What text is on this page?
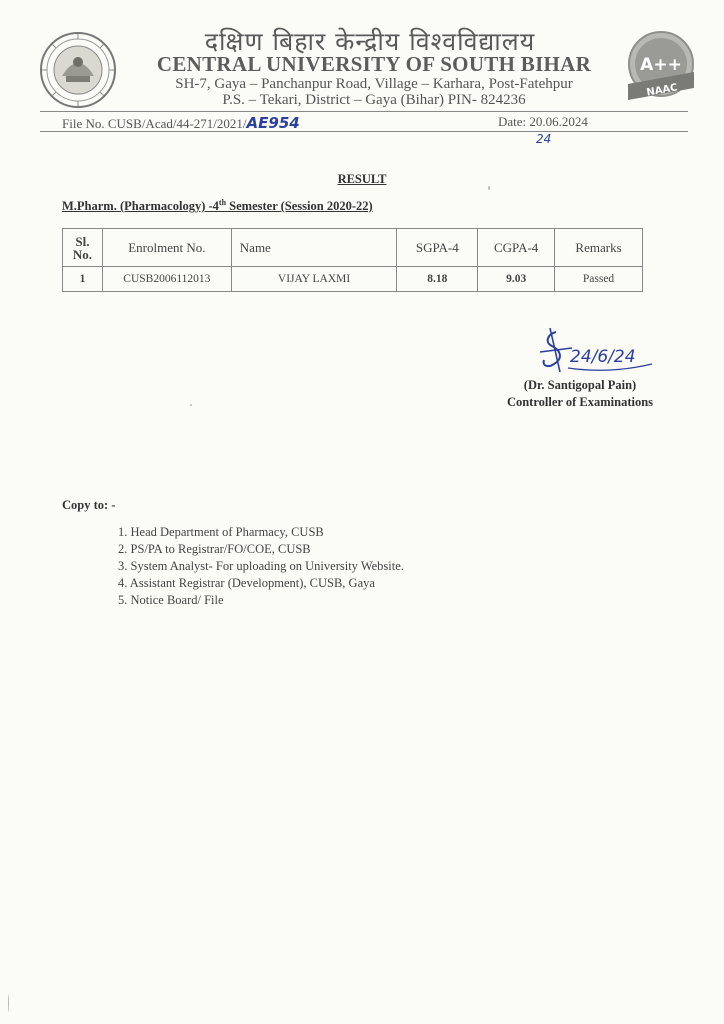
A++
NAAC
दक्षिण बिहार केन्द्रीय विश्वविद्यालय
CENTRAL UNIVERSITY OF SOUTH BIHAR
SH-7, Gaya – Panchanpur Road, Village – Karhara, Post-Fatehpur
P.S. – Tekari, District – Gaya (Bihar) PIN- 824236
File No. CUSB/Acad/44-271/2021/AE954	Date: 20.06.2024
24
RESULT
M.Pharm. (Pharmacology) -4th Semester (Session 2020-22)
Sl.
No.	Enrolment No.	Name	SGPA-4	CGPA-4	Remarks
1	CUSB2006112013	VIJAY LAXMI	8.18	9.03	Passed
24/6/24
(Dr. Santigopal Pain)
Controller of Examinations
Copy to: -
1. Head Department of Pharmacy, CUSB
2. PS/PA to Registrar/FO/COE, CUSB
3. System Analyst- For uploading on University Website.
4. Assistant Registrar (Development), CUSB, Gaya
5. Notice Board/ File
